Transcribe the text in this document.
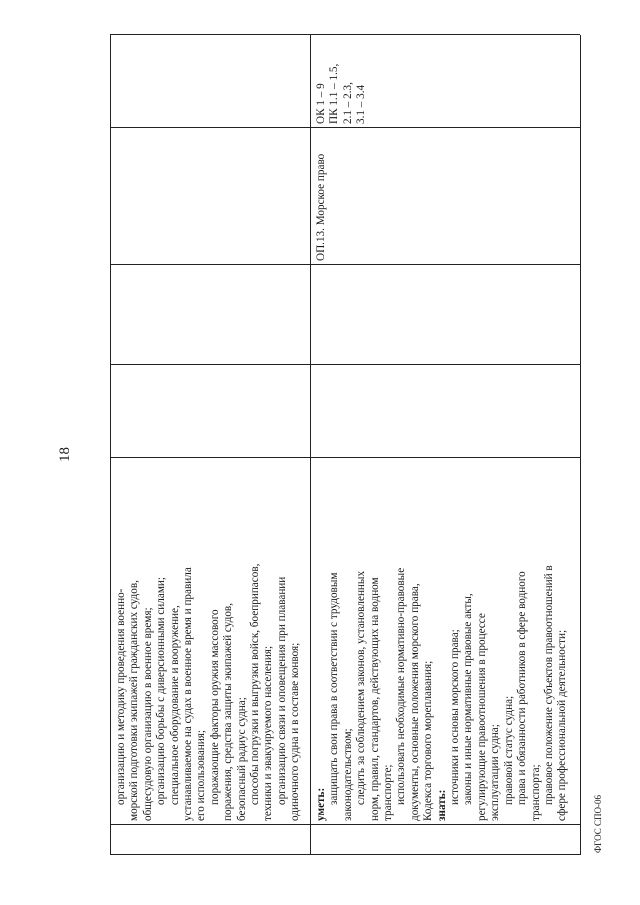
18
организацию и методику проведения военно- морской подготовки экипажей гражданских судов, общесудовую организацию в военное время; организацию борьбы с диверсионными силами; специальное оборудование и вооружение, устанавливаемое на судах в военное время и правила его использования; поражающие факторы оружия массового поражения, средства защиты экипажей судов, безопасный радиус судна; способы погрузки и выгрузки войск, боеприпасов, техники и эвакуируемого населения; организацию связи и оповещения при плавании одиночного судна и в составе конвоя; уметь: защищать свои права в соответствии с трудовым законодательством; следить за соблюдением законов, установленных норм, правил, стандартов, действующих на водном транспорте; использовать необходимые нормативно-правовые документы, основные положения морского права, Кодекса торгового мореплавания; знать:
источники и основы морского права; законы и иные нормативные правовые акты, регулирующие правоотношения в процессе эксплуатации судна; правовой статус судна; права и обязанности работников в сфере водного транспорта; правовое положение субъектов правоотношений в сфере профессиональной деятельности;
ОП.13. Морское право
ОК 1 – 9 ПК 1.1 – 1.5, 2.1 – 2.3, 3.1 – 3.4
ФГОС СПО-06
